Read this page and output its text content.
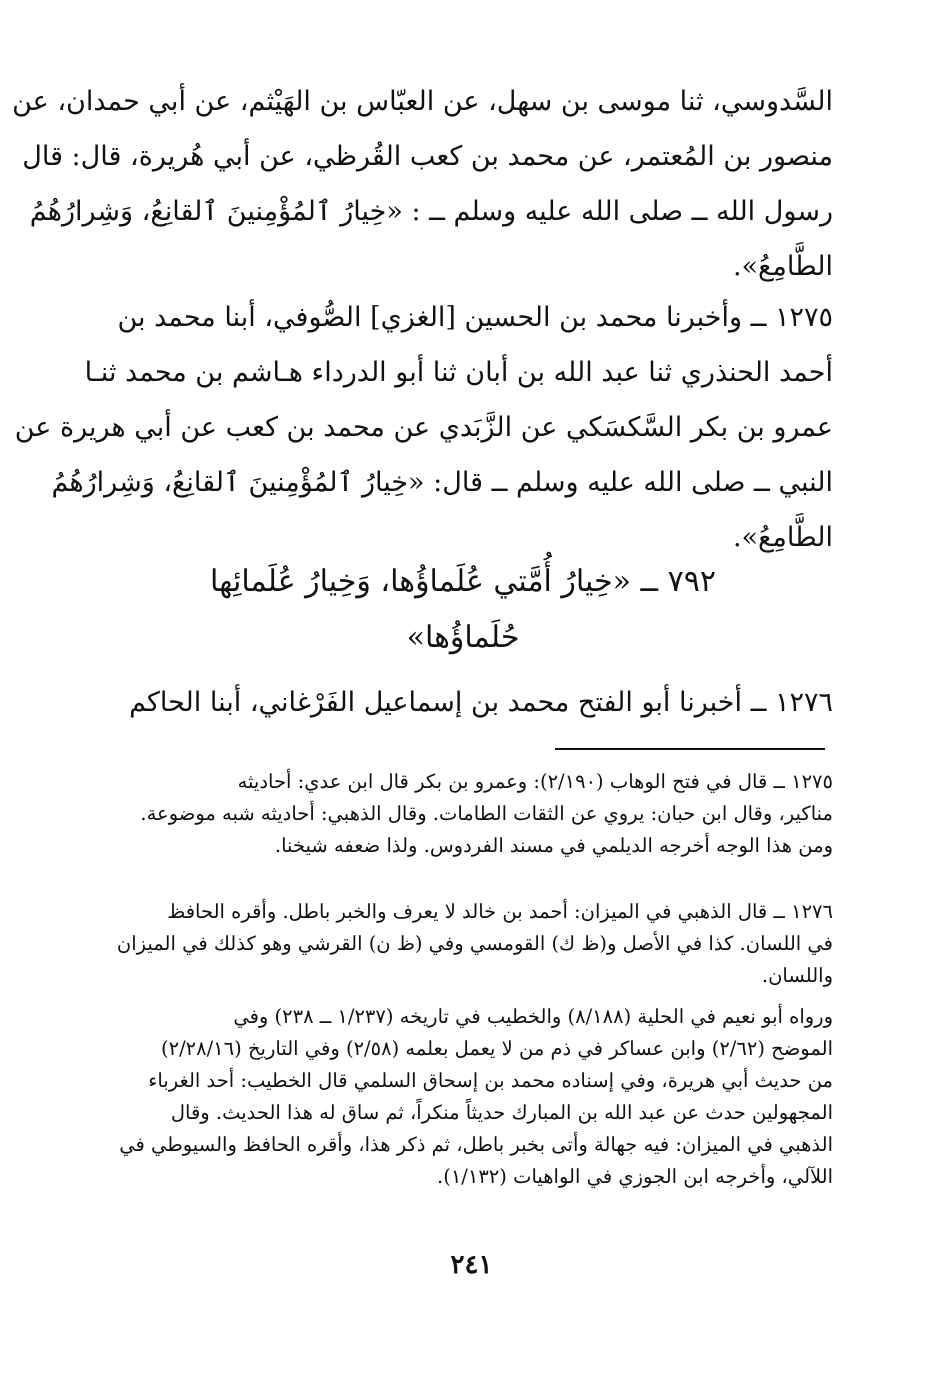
السَّدوسي، ثنا موسى بن سهل، عن العبّاس بن الهَيْثم، عن أبي حمدان، عن
منصور بن المُعتمر، عن محمد بن كعب القُرظي، عن أبي هُريرة، قال: قال
رسول الله ــ صلى الله عليه وسلم ــ : «خِيارُ ٱلمُؤْمِنينَ ٱلقانِعُ، وَشِرارُهُمُ
الطَّامِعُ».
١٢٧٥ ــ وأخبرنا محمد بن الحسين [الغزي] الصُّوفي، أبنا محمد بن
أحمد الحنذري ثنا عبد الله بن أبان ثنا أبو الدرداء هـاشم بن محمد ثنـا
عمرو بن بكر السَّكسَكي عن الزَّبَدي عن محمد بن كعب عن أبي هريرة عن
النبي ــ صلى الله عليه وسلم ــ قال: «خِيارُ ٱلمُؤْمِنينَ ٱلقانِعُ، وَشِرارُهُمُ
الطَّامِعُ».
٧٩٢ ــ «خِيارُ أُمَّتي عُلَماؤُها، وَخِيارُ عُلَمائِها
حُلَماؤُها»
١٢٧٦ ــ أخبرنا أبو الفتح محمد بن إسماعيل الفَرْغاني، أبنا الحاكم
١٢٧٥ ــ قال في فتح الوهاب (٢/١٩٠): وعمرو بن بكر قال ابن عدي: أحاديثه
مناكير، وقال ابن حبان: يروي عن الثقات الطامات. وقال الذهبي: أحاديثه شبه موضوعة.
ومن هذا الوجه أخرجه الديلمي في مسند الفردوس. ولذا ضعفه شيخنا.
١٢٧٦ ــ قال الذهبي في الميزان: أحمد بن خالد لا يعرف والخبر باطل. وأقره الحافظ
في اللسان. كذا في الأصل و(ظ ك) القومسي وفي (ظ ن) القرشي وهو كذلك في الميزان
واللسان.
ورواه أبو نعيم في الحلية (٨/١٨٨) والخطيب في تاريخه (١/٢٣٧ ــ ٢٣٨) وفي
الموضح (٢/٦٢) وابن عساكر في ذم من لا يعمل بعلمه (٢/٥٨) وفي التاريخ (٢/٢٨/١٦)
من حديث أبي هريرة، وفي إسناده محمد بن إسحاق السلمي قال الخطيب: أحد الغرباء
المجهولين حدث عن عبد الله بن المبارك حديثاً منكراً، ثم ساق له هذا الحديث. وقال
الذهبي في الميزان: فيه جهالة وأتى بخبر باطل، ثم ذكر هذا، وأقره الحافظ والسيوطي في
اللآلي، وأخرجه ابن الجوزي في الواهيات (١/١٣٢).
٢٤١
